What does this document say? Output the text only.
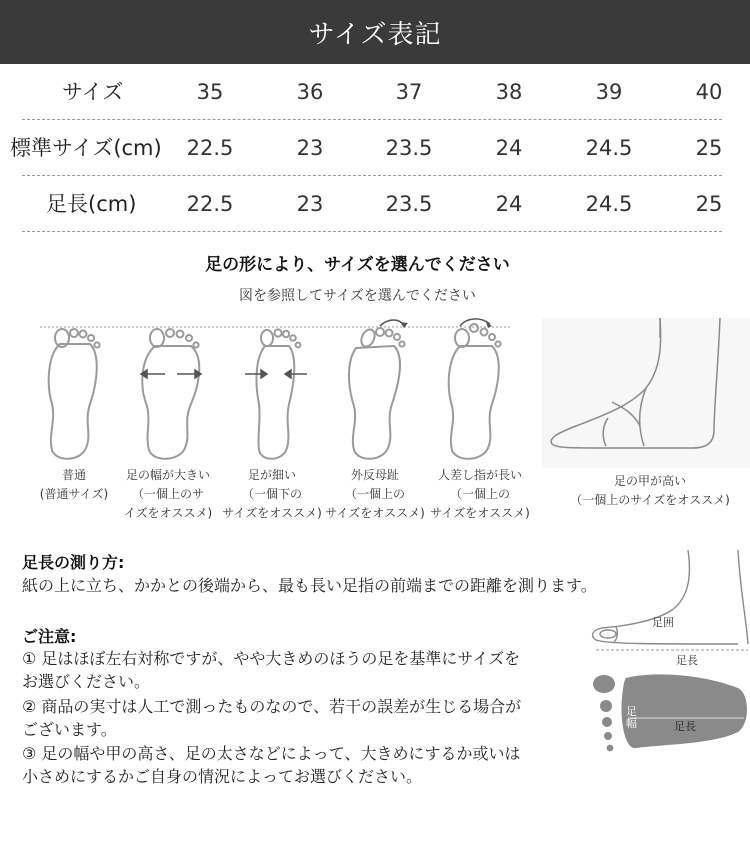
サイズ表記
サイズ	35	36	37	38	39	40
標準サイズ(cm)	22.5	23	23.5	24	24.5	25
足長(cm)	22.5	23	23.5	24	24.5	25
足の形により、サイズを選んでください
図を参照してサイズを選んでください
普通
(普通サイズ)
足の幅が大きい
（一個上のサ
イズをオススメ)
足が細い
（一個下の
サイズをオススメ)
外反母趾
（一個上の
サイズをオススメ)
人差し指が長い
（一個上の
サイズをオススメ)
足の甲が高い
（一個上のサイズをオススメ)
足長の測り方:
紙の上に立ち、かかとの後端から、最も長い足指の前端までの距離を測ります。
ご注意:
① 足はほぼ左右対称ですが、やや大きめのほうの足を基準にサイズを
お選びください。
② 商品の実寸は人工で測ったものなので、若干の誤差が生じる場合が
ございます。
③ 足の幅や甲の高さ、足の太さなどによって、大きめにするか或いは
小さめにするかご自身の情況によってお選びください。
足囲
足長
足幅	足長
